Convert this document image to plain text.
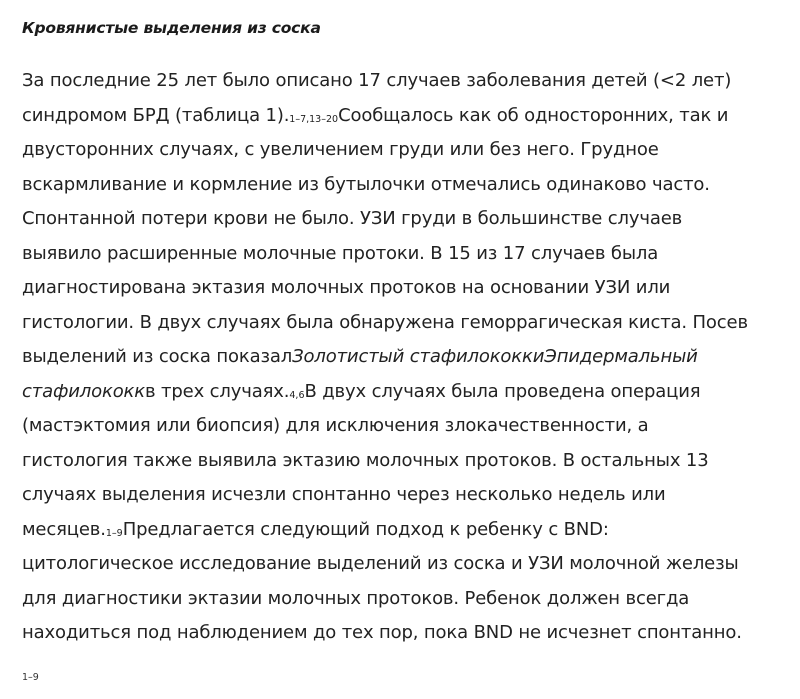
Кровянистые выделения из соска
За последние 25 лет было описано 17 случаев заболевания детей (<2 лет)
синдромом БРД (таблица 1).1–7,13–20Сообщалось как об односторонних, так и
двусторонних случаях, с увеличением груди или без него. Грудное
вскармливание и кормление из бутылочки отмечались одинаково часто.
Спонтанной потери крови не было. УЗИ груди в большинстве случаев
выявило расширенные молочные протоки. В 15 из 17 случаев была
диагностирована эктазия молочных протоков на основании УЗИ или
гистологии. В двух случаях была обнаружена геморрагическая киста. Посев
выделений из соска показалЗолотистый стафилококкиЭпидермальный
стафилококкв трех случаях.4,6В двух случаях была проведена операция
(мастэктомия или биопсия) для исключения злокачественности, а
гистология также выявила эктазию молочных протоков. В остальных 13
случаях выделения исчезли спонтанно через несколько недель или
месяцев.1–9Предлагается следующий подход к ребенку с BND:
цитологическое исследование выделений из соска и УЗИ молочной железы
для диагностики эктазии молочных протоков. Ребенок должен всегда
находиться под наблюдением до тех пор, пока BND не исчезнет спонтанно.
1–9
